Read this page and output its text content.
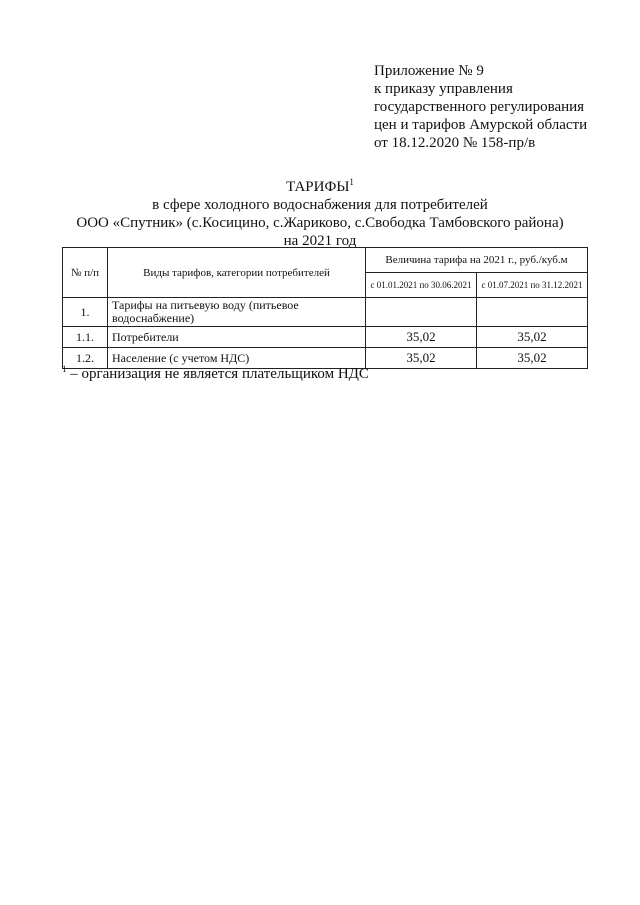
Приложение № 9
к приказу управления
государственного регулирования
цен и тарифов Амурской области
от 18.12.2020 № 158-пр/в
ТАРИФЫ$^1$
в сфере холодного водоснабжения для потребителей
ООО «Спутник» (с.Косицино, с.Жариково, с.Свободка Тамбовского района)
на 2021 год
№ п/п	Виды тарифов, категории потребителей	Величина тарифа на 2021 г., руб./куб.м	
		с 01.01.2021 по 30.06.2021	с 01.07.2021 по 31.12.2021
1.	Тарифы на питьевую воду (питьевое водоснабжение)		
1.1.	Потребители	35,02	35,02
1.2.	Население (с учетом НДС)	35,02	35,02
$^1$ – организация не является плательщиком НДС
